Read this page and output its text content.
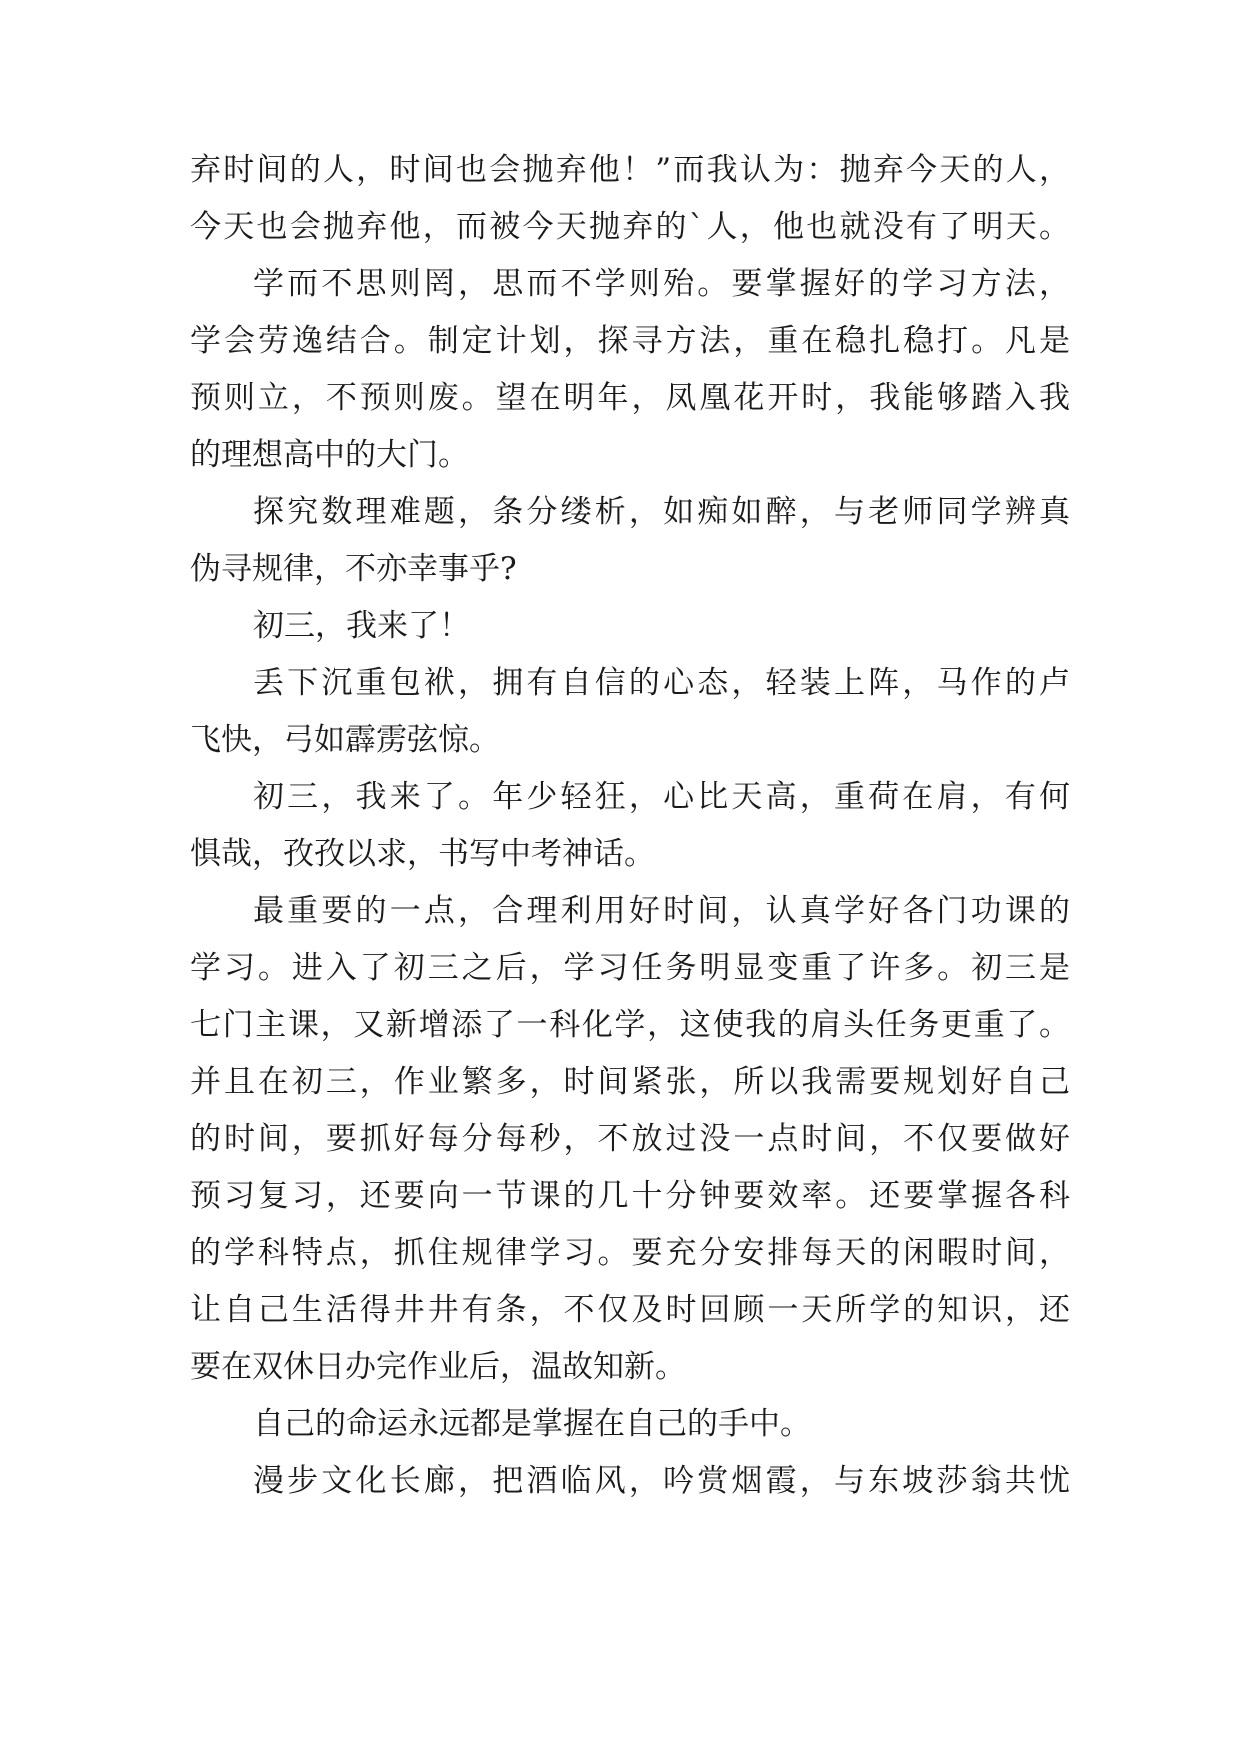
弃时间的人，时间也会抛弃他！”而我认为：抛弃今天的人，
今天也会抛弃他，而被今天抛弃的`人，他也就没有了明天。
学而不思则罔，思而不学则殆。要掌握好的学习方法，
学会劳逸结合。制定计划，探寻方法，重在稳扎稳打。凡是
预则立，不预则废。望在明年，凤凰花开时，我能够踏入我
的理想高中的大门。
探究数理难题，条分缕析，如痴如醉，与老师同学辨真
伪寻规律，不亦幸事乎?
初三，我来了！
丢下沉重包袱，拥有自信的心态，轻装上阵，马作的卢
飞快，弓如霹雳弦惊。
初三，我来了。年少轻狂，心比天高，重荷在肩，有何
惧哉，孜孜以求，书写中考神话。
最重要的一点，合理利用好时间，认真学好各门功课的
学习。进入了初三之后，学习任务明显变重了许多。初三是
七门主课，又新增添了一科化学，这使我的肩头任务更重了。
并且在初三，作业繁多，时间紧张，所以我需要规划好自己
的时间，要抓好每分每秒，不放过没一点时间，不仅要做好
预习复习，还要向一节课的几十分钟要效率。还要掌握各科
的学科特点，抓住规律学习。要充分安排每天的闲暇时间，
让自己生活得井井有条，不仅及时回顾一天所学的知识，还
要在双休日办完作业后，温故知新。
自己的命运永远都是掌握在自己的手中。
漫步文化长廊，把酒临风，吟赏烟霞，与东坡莎翁共忧
